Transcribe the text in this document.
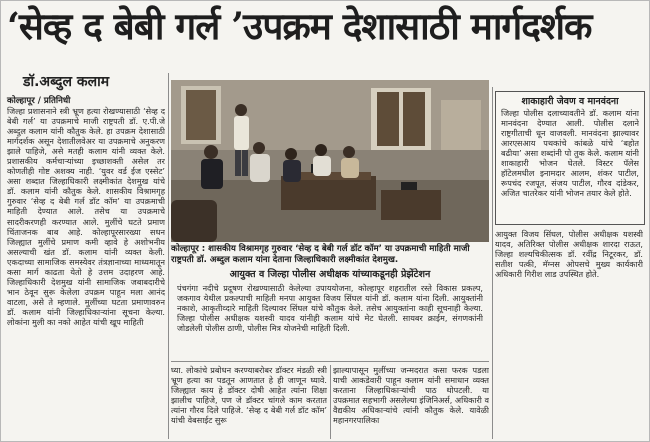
‘सेव्ह द बेबी गर्ल ’उपक्रम देशासाठी मार्गदर्शक
डॉ.अब्दुल कलाम
कोल्हापूर / प्रतिनिधी
जिल्हा प्रशासनाने स्त्री भ्रूण हत्या रोखण्यासाठी ‘सेव्ह द बेबी गर्ल’ या उपक्रमाचे माजी राष्ट्रपती डॉ. ए.पी.जे अब्दुल कलाम यांनी कौतुक केले. हा उपक्रम देशासाठी मार्गदर्शक असून देशातीलवेअर या उपक्रमाचे अनुकरण झाले पाहिजे, असे मतही कलाम यांनी व्यक्त केले. प्रशासकीय कर्मचाऱ्यांच्या इच्छाशक्ती असेल तर कोणतीही गोष्ट अशक्य नाही. ‘युवर वर्ड ईज एस्सेट’ असा शब्दात जिल्हाधिकारी लक्ष्मीकांत देशमुख यांचे डॉ. कलाम यांनी कौतुक केले. शासकीय विश्रामगृह गुरुवार ‘सेव्ह द बेबी गर्ल डॉट कॉम’ या उपक्रमाची माहिती देण्यात आले. तसेच या उपक्रमाचे सादरीकरणही करण्यात आले. मुलींचे घटते प्रमाण चिंताजनक बाब आहे. कोल्हापूरसारख्या सधन जिल्ह्यात मुलींचे प्रमाण कमी व्हावे हे अशोभनीय असल्याची खंत डॉ. कलाम यांनी व्यक्त केली. एकदाच्या सामाजिक समस्येवर तंत्रज्ञानाच्या माध्यमातून कसा मार्ग काढता येतो हे उत्तम उदाहरण आहे. जिल्हाधिकारी देशमुख यांनी सामाजिक जबाबदारीचे भान ठेवून सुरू केलेला उपक्रम पाहून मला आनंद वाटला, असे ते म्हणाले. मुलींच्या घटता प्रमाणावरुन डॉ. कलाम यांनी जिल्हाधिकाऱ्यांना सूचना केल्या. लोकांना मुली का नको आहेत यांची खूप माहिती
कोल्हापूर : शासकीय विश्रामगृह गुरुवार ‘सेव्ह द बेबी गर्ल डॉट कॉम’ या उपक्रमाची माहिती माजी राष्ट्रपती डॉ. अब्दुल कलाम यांना देताना जिल्हाधिकारी लक्ष्मीकांत देशमुख.
आयुक्त व जिल्हा पोलीस अधीक्षक यांच्याकडूनही प्रेझेंटेशन
पंचगंगा नदीचे प्रदूषण रोखण्यासाठी केलेल्या उपाययोजना, कोल्हापूर शहरातील रस्ते विकास प्रकल्प, जकगाव येथील प्रकल्पाची माहिती मनपा आयुक्त विजय सिंघल यांनी डॉ. कलाम यांना दिली. आयुक्तांनी नकाशे, आकृतीव्दारे माहिती दिल्यावर सिंघल यांचे कौतुक केले. तसेच आयुक्तांना काही सूचनाही केल्या. जिल्हा पोलीस अधीक्षक यशस्वी यादव यांनीही कलाम यांचे मेट घेतली. सायबर क्राईम, संगणकांनी जोडलेली पोलीस ठाणी, पोलीस मित्र योजनेची माहिती दिली.
घ्या. लोकांचे प्रबोधन करण्याबरोबर डॉक्टर मंडळी स्त्री भ्रूण हत्या का पडतून आणतात हे ही जाणून घ्यावे. जिल्ह्यात काय हे डॉक्टर दोषी आहेत त्यांना शिक्षा झालीच पाहिजे, पण जे डॉक्टर चांगले काम करतात त्यांना गौरव दिले पाहिजे. ‘सेव्ह द बेबी गर्ल डॉट कॉम’ यांची वेबसाईट सुरू
झाल्यापासून मुलींच्या जन्मदरात कसा फरक पडला याची आकडेवारी पाहून कलाम यांनी समाधान व्यक्त करताना जिल्हाधिकाऱ्यांची पाठ थोपटली. या उपक्रमात सहभागी असलेल्या इंजिनिअर्स, अधिकारी व वैद्यकीय अधिकाऱ्यांचे त्यांनी कौतुक केले. यावेळी महानगरपालिका
शाकाहारी जेवण व मानवंदना
जिल्हा पोलीस दलाच्यावतीने डॉ. कलाम यांना मानवंदना देण्यात आली. पोलीस दलाने राष्ट्रगीताची धून वाजवली. मानवंदना झाल्यावर आरएसआय पथकांचे कांबळे यांचे ‘बहोत बढीया’ असा शब्दांनी पो तुक केले. कलाम यांनी शाकाहारी भोजन घेतले. विस्टर पॅलेस हॉटेलमधील इनामदार आलम, शंकर पाटील, रूपचंद रजपूत, संजय पाटील, गौरव दांडेकर, अजित चातरेकर यांनी भोजन तयार केले होते.
आयुक्त विजय सिंघल, पोलीस अधीक्षक यशस्वी यादव, अतिरिक्त पोलीस अधीक्षक शारदा राऊत, जिल्हा शल्यचिकीत्सक डॉ. रवींद्र निटूरकर, डॉ. सतीश पत्की, मॅग्नस ओपसचे मुख्य कार्यकारी अधिकारी गिरीश लाड उपस्थित होते.
